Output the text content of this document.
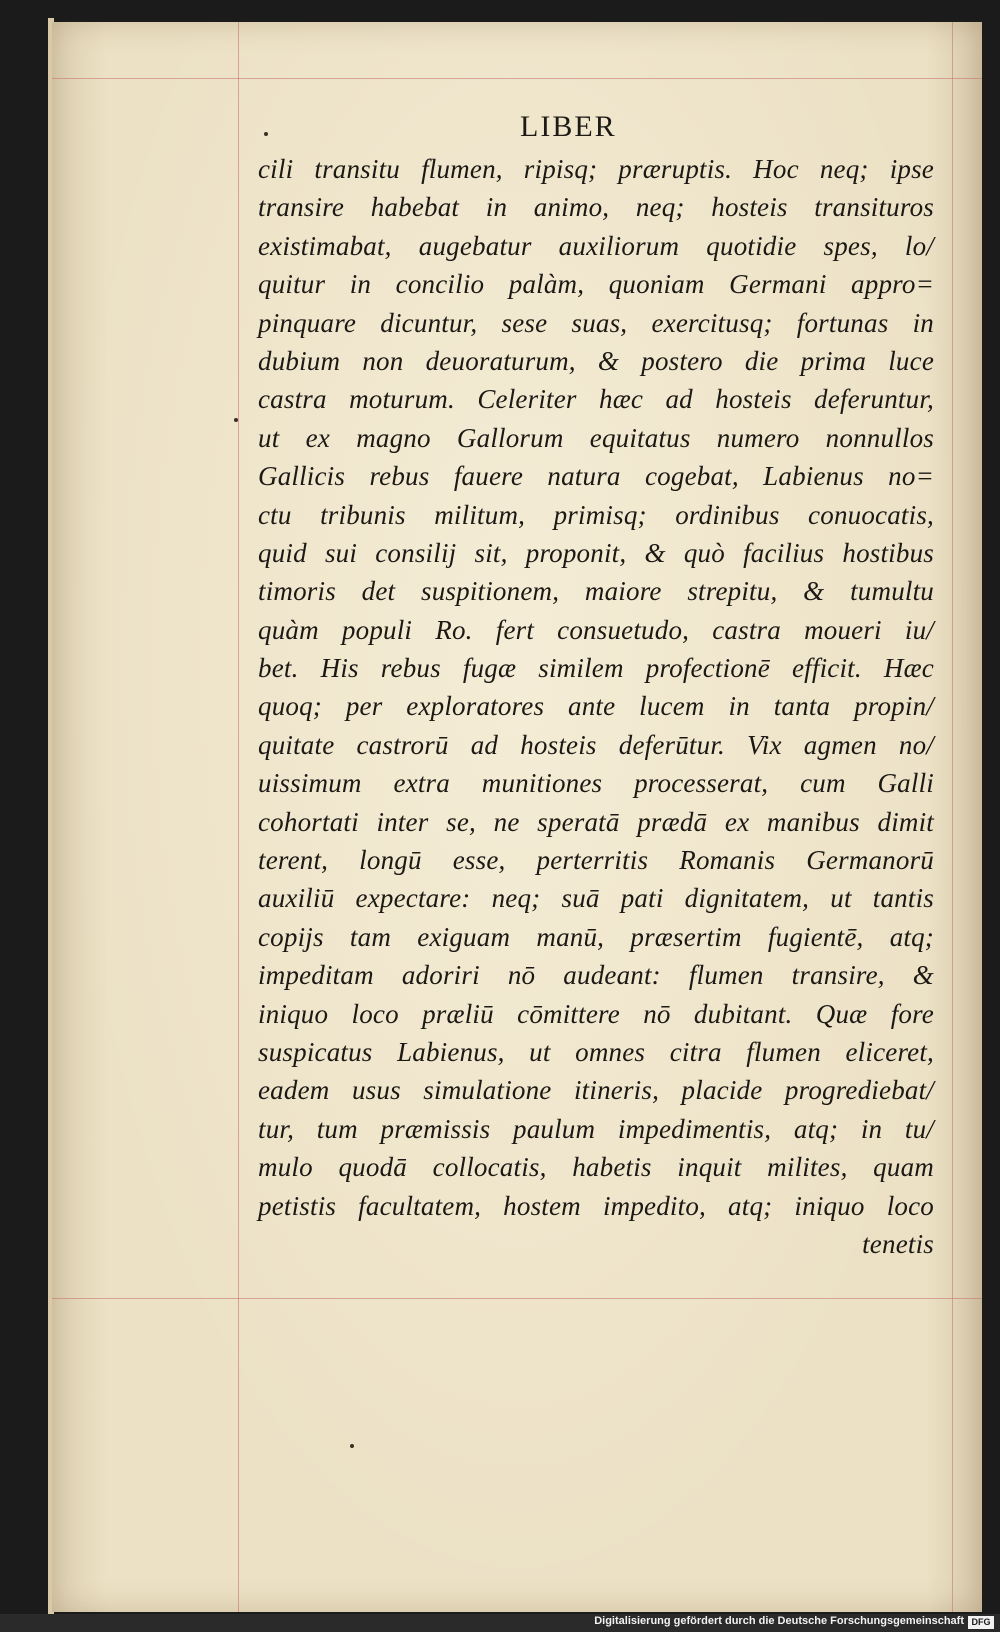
LIBER
cili transitu flumen, ripisq; præruptis. Hoc neq; ipse
transire habebat in animo, neq; hosteis transituros
existimabat, augebatur auxiliorum quotidie spes, lo/
quitur in concilio palàm, quoniam Germani appro=
pinquare dicuntur, sese suas, exercitusq; fortunas in
dubium non deuoraturum, & postero die prima luce
castra moturum. Celeriter hæc ad hosteis deferuntur,
ut ex magno Gallorum equitatus numero nonnullos
Gallicis rebus fauere natura cogebat, Labienus no=
ctu tribunis militum, primisq; ordinibus conuocatis,
quid sui consilij sit, proponit, & quò facilius hostibus
timoris det suspitionem, maiore strepitu, & tumultu
quàm populi Ro. fert consuetudo, castra moueri iu/
bet. His rebus fugæ similem profectionē efficit. Hæc
quoq; per exploratores ante lucem in tanta propin/
quitate castrorū ad hosteis deferūtur. Vix agmen no/
uissimum extra munitiones processerat, cum Galli
cohortati inter se, ne speratā prædā ex manibus dimit
terent, longū esse, perterritis Romanis Germanorū
auxiliū expectare: neq; suā pati dignitatem, ut tantis
copijs tam exiguam manū, præsertim fugientē, atq;
impeditam adoriri nō audeant: flumen transire, &
iniquo loco præliū cōmittere nō dubitant. Quæ fore
suspicatus Labienus, ut omnes citra flumen eliceret,
eadem usus simulatione itineris, placide progrediebat/
tur, tum præmissis paulum impedimentis, atq; in tu/
mulo quodā collocatis, habetis inquit milites, quam
petistis facultatem, hostem impedito, atq; iniquo loco
tenetis
Digitalisierung gefördert durch die Deutsche Forschungsgemeinschaft DFG
